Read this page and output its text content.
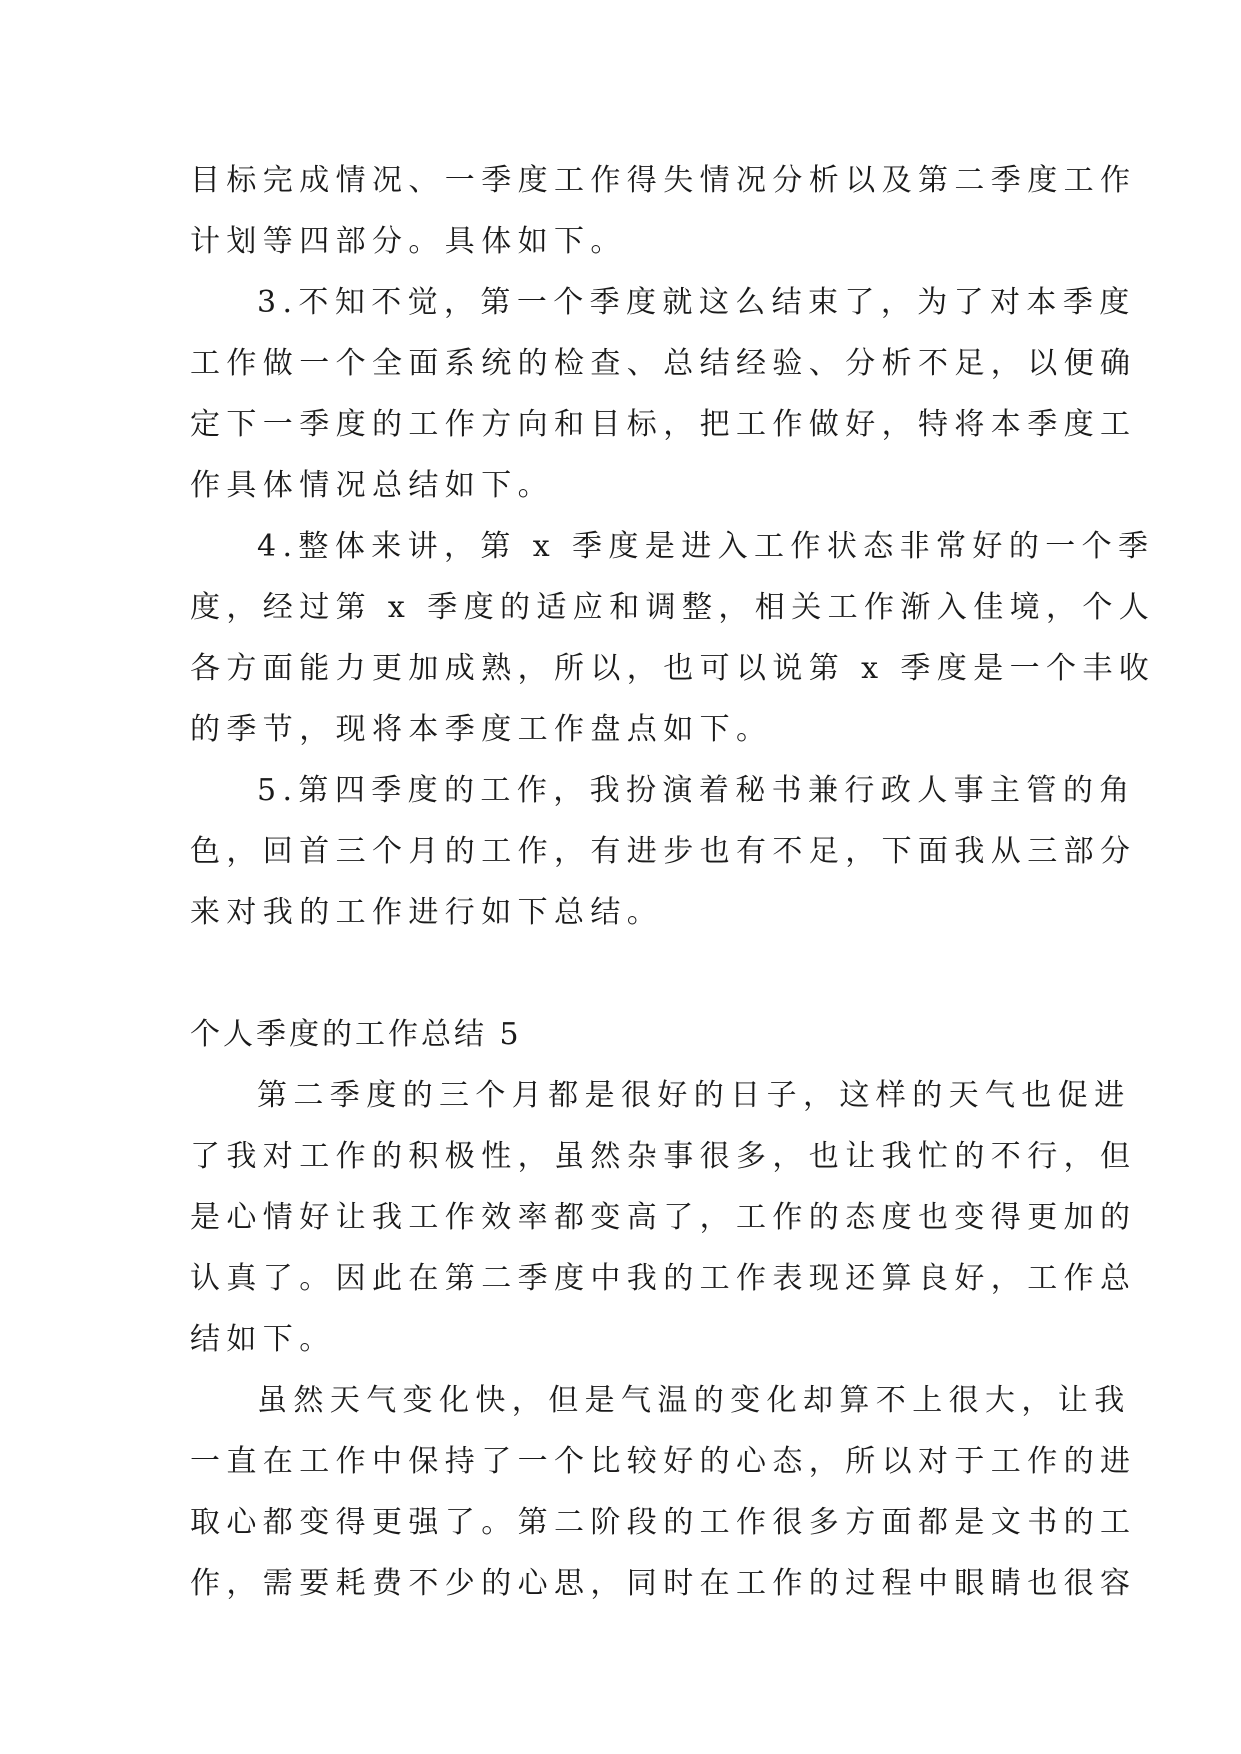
目标完成情况、一季度工作得失情况分析以及第二季度工作
计划等四部分。具体如下。
3.不知不觉，第一个季度就这么结束了，为了对本季度
工作做一个全面系统的检查、总结经验、分析不足，以便确
定下一季度的工作方向和目标，把工作做好，特将本季度工
作具体情况总结如下。
4.整体来讲，第 x 季度是进入工作状态非常好的一个季
度，经过第 x 季度的适应和调整，相关工作渐入佳境，个人
各方面能力更加成熟，所以，也可以说第 x 季度是一个丰收
的季节，现将本季度工作盘点如下。
5.第四季度的工作，我扮演着秘书兼行政人事主管的角
色，回首三个月的工作，有进步也有不足，下面我从三部分
来对我的工作进行如下总结。
个人季度的工作总结 5
第二季度的三个月都是很好的日子，这样的天气也促进
了我对工作的积极性，虽然杂事很多，也让我忙的不行，但
是心情好让我工作效率都变高了，工作的态度也变得更加的
认真了。因此在第二季度中我的工作表现还算良好，工作总
结如下。
虽然天气变化快，但是气温的变化却算不上很大，让我
一直在工作中保持了一个比较好的心态，所以对于工作的进
取心都变得更强了。第二阶段的工作很多方面都是文书的工
作，需要耗费不少的心思，同时在工作的过程中眼睛也很容
